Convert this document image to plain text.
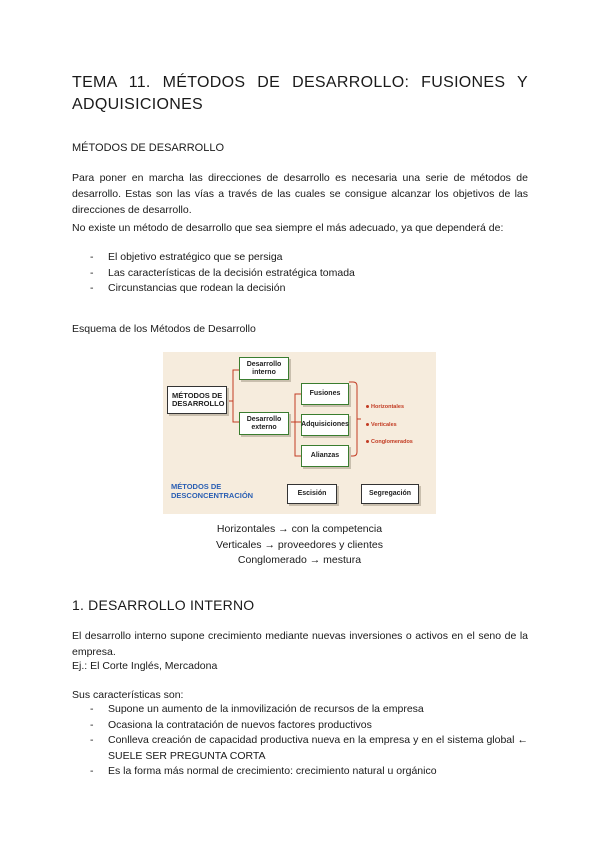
TEMA 11. MÉTODOS DE DESARROLLO: FUSIONES Y
ADQUISICIONES
MÉTODOS DE DESARROLLO
Para poner en marcha las direcciones de desarrollo es necesaria una serie de métodos de desarrollo. Estas son las vías a través de las cuales se consigue alcanzar los objetivos de las direcciones de desarrollo.
No existe un método de desarrollo que sea siempre el más adecuado, ya que dependerá de:
- El objetivo estratégico que se persiga
- Las características de la decisión estratégica tomada
- Circunstancias que rodean la decisión
Esquema de los Métodos de Desarrollo
MÉTODOS DE DESARROLLO
Desarrollo interno
Desarrollo externo
Fusiones
Adquisiciones
Alianzas
Horizontales
Verticales
Conglomerados
MÉTODOS DE DESCONCENTRACIÓN	Escisión	Segregación
Horizontales → con la competencia
Verticales → proveedores y clientes
Conglomerado → mestura
1. DESARROLLO INTERNO
El desarrollo interno supone crecimiento mediante nuevas inversiones o activos en el seno de la empresa.
Ej.: El Corte Inglés, Mercadona
Sus características son:
- Supone un aumento de la inmovilización de recursos de la empresa
- Ocasiona la contratación de nuevos factores productivos
- Conlleva creación de capacidad productiva nueva en la empresa y en el sistema global ← SUELE SER PREGUNTA CORTA
- Es la forma más normal de crecimiento: crecimiento natural u orgánico
